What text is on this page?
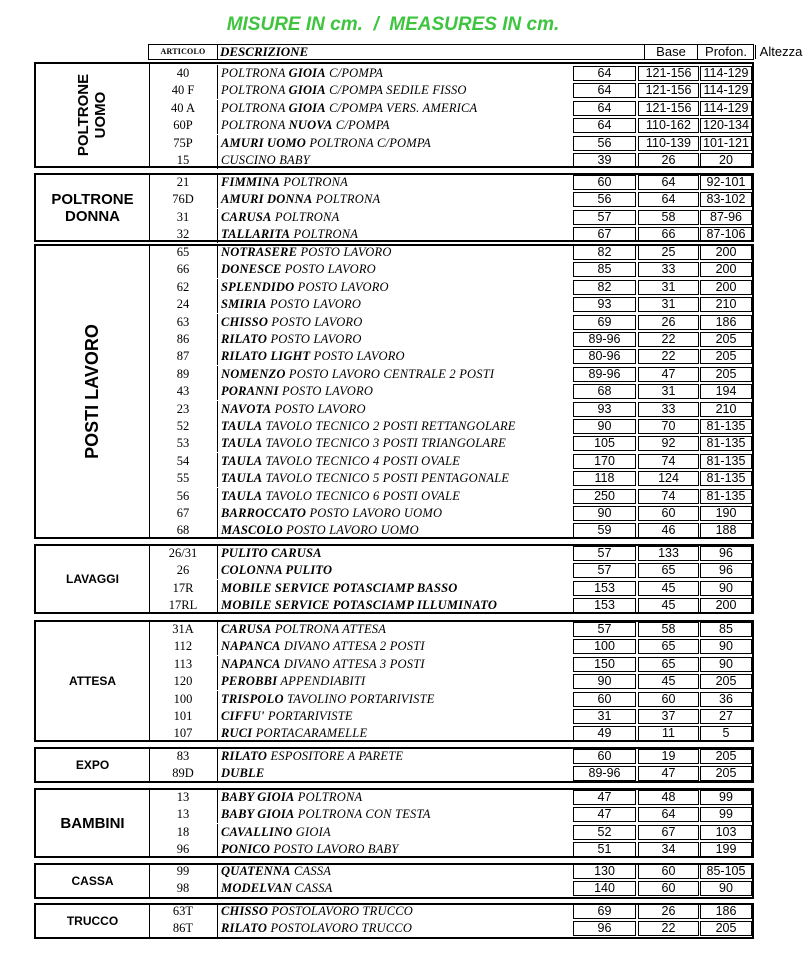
MISURE IN cm.  /  MEASURES IN cm.
ARTICOLO	DESCRIZIONE	Base	Profon. Altezza
POLTRONE
UOMO
40	POLTRONA GIOIA C/POMPA	64	121-156 114-129
40 F	POLTRONA GIOIA C/POMPA SEDILE FISSO	64	121-156 114-129
40 A	POLTRONA GIOIA C/POMPA VERS. AMERICA	64	121-156 114-129
60P	POLTRONA NUOVA C/POMPA	64	110-162 120-134
75P	AMURI UOMO POLTRONA C/POMPA	56	110-139 101-121
15	CUSCINO BABY	39	26	20
POLTRONE
DONNA
21	FIMMINA POLTRONA	60	64	92-101
76D	AMURI DONNA POLTRONA	56	64	83-102
31	CARUSA POLTRONA	57	58	87-96
32	TALLARITA POLTRONA	67	66	87-106
POSTI LAVORO
65	NOTRASERE POSTO LAVORO	82	25	200
66	DONESCE POSTO LAVORO	85	33	200
62	SPLENDIDO POSTO LAVORO	82	31	200
24	SMIRIA POSTO LAVORO	93	31	210
63	CHISSO POSTO LAVORO	69	26	186
86	RILATO POSTO LAVORO	89-96	22	205
87	RILATO LIGHT POSTO LAVORO	80-96	22	205
89	NOMENZO POSTO LAVORO CENTRALE 2 POSTI	89-96	47	205
43	PORANNI POSTO LAVORO	68	31	194
23	NAVOTA POSTO LAVORO	93	33	210
52	TAULA TAVOLO TECNICO 2 POSTI RETTANGOLARE	90	70	81-135
53	TAULA TAVOLO TECNICO 3 POSTI TRIANGOLARE	105	92	81-135
54	TAULA TAVOLO TECNICO 4 POSTI OVALE	170	74	81-135
55	TAULA TAVOLO TECNICO 5 POSTI PENTAGONALE	118	124	81-135
56	TAULA TAVOLO TECNICO 6 POSTI OVALE	250	74	81-135
67	BARROCCATO POSTO LAVORO UOMO	90	60	190
68	MASCOLO POSTO LAVORO UOMO	59	46	188
LAVAGGI
26/31	PULITO CARUSA	57	133	96
26	COLONNA PULITO	57	65	96
17R	MOBILE SERVICE POTASCIAMP BASSO	153	45	90
17RL	MOBILE SERVICE POTASCIAMP ILLUMINATO	153	45	200
ATTESA
31A	CARUSA POLTRONA ATTESA	57	58	85
112	NAPANCA DIVANO ATTESA 2 POSTI	100	65	90
113	NAPANCA DIVANO ATTESA 3 POSTI	150	65	90
120	PEROBBI APPENDIABITI	90	45	205
100	TRISPOLO TAVOLINO PORTARIVISTE	60	60	36
101	CIFFU' PORTARIVISTE	31	37	27
107	RUCI PORTACARAMELLE	49	11	5
EXPO
83	RILATO ESPOSITORE A PARETE	60	19	205
89D	DUBLE	89-96	47	205
BAMBINI
13	BABY GIOIA POLTRONA	47	48	99
13	BABY GIOIA POLTRONA CON TESTA	47	64	99
18	CAVALLINO GIOIA	52	67	103
96	PONICO POSTO LAVORO BABY	51	34	199
CASSA
99	QUATENNA CASSA	130	60	85-105
98	MODELVAN CASSA	140	60	90
TRUCCO
63T	CHISSO POSTOLAVORO TRUCCO	69	26	186
86T	RILATO POSTOLAVORO TRUCCO	96	22	205
